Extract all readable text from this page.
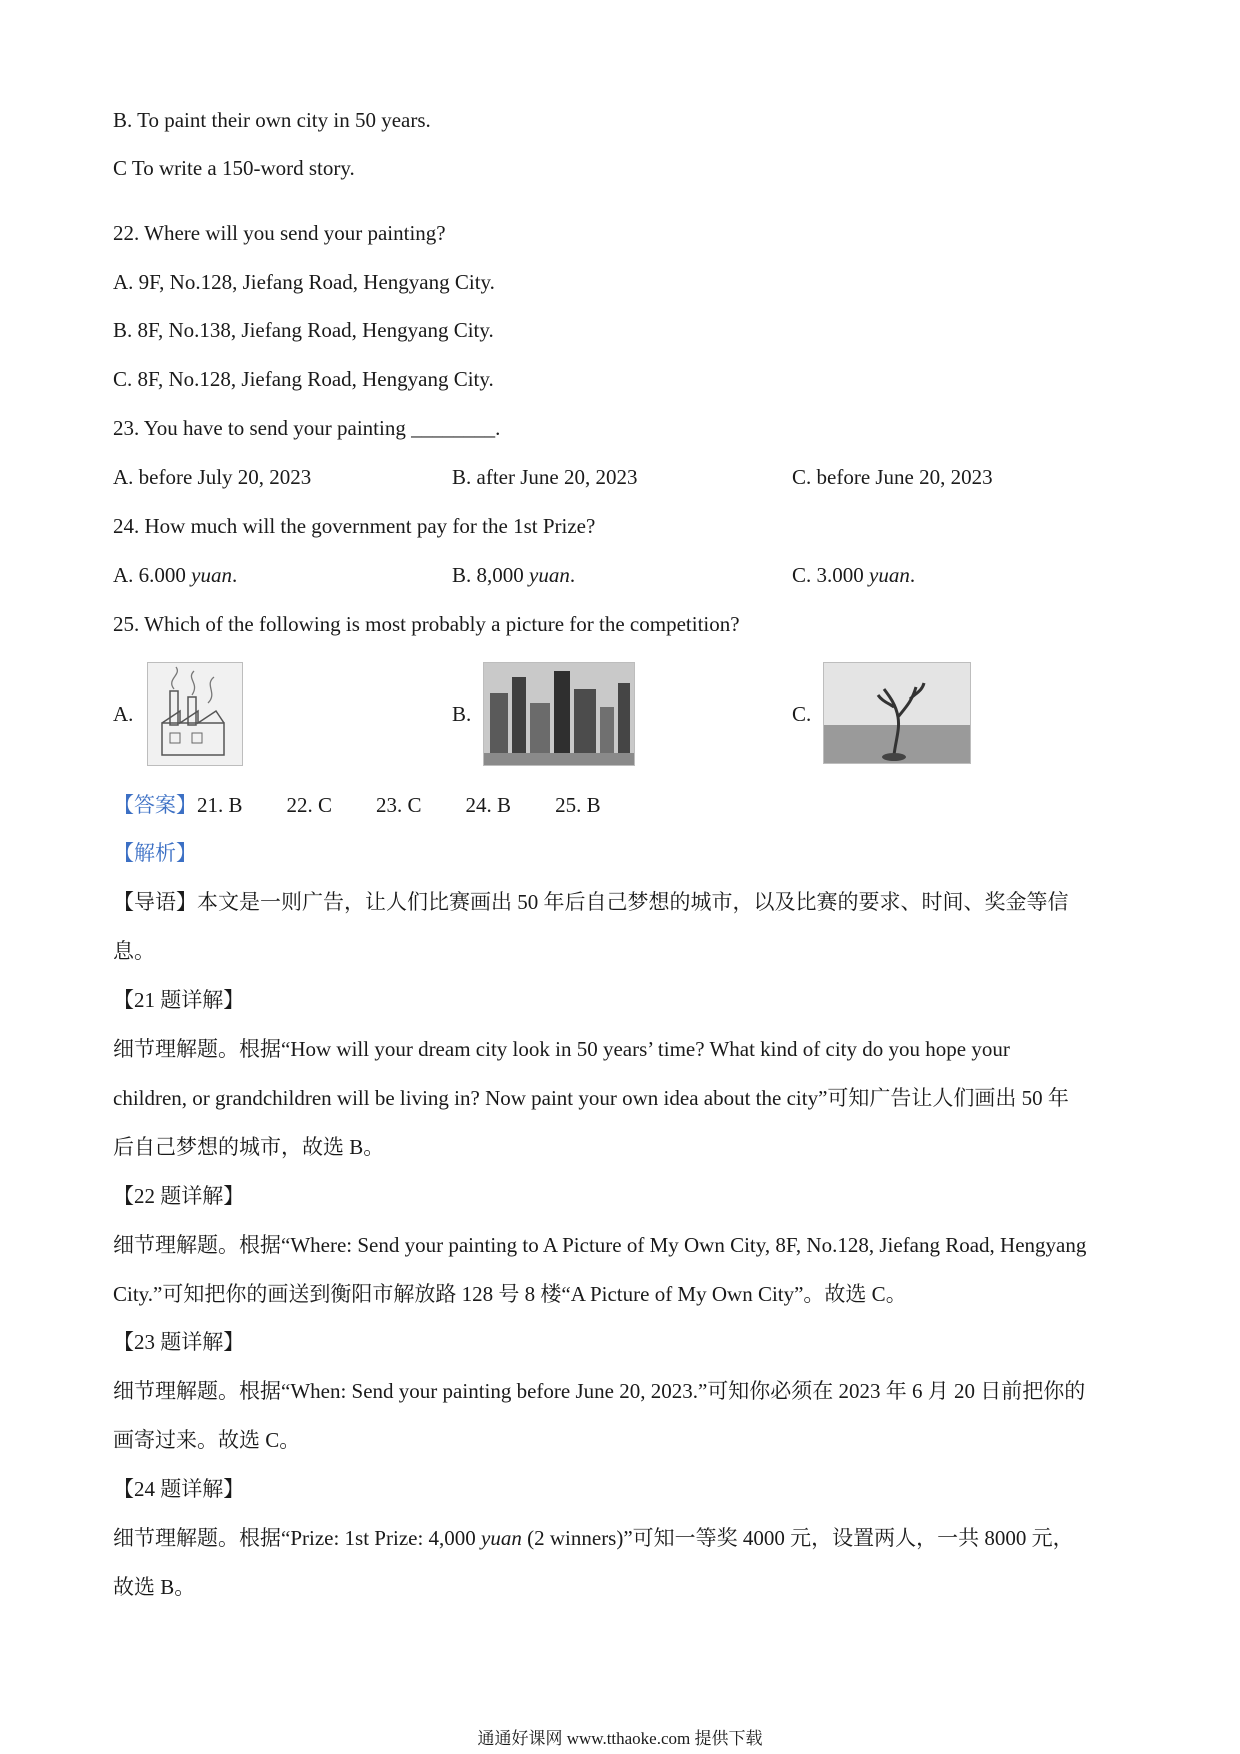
B. To paint their own city in 50 years.
C To write a 150-word story.
22. Where will you send your painting?
A. 9F, No.128, Jiefang Road, Hengyang City.
B. 8F, No.138, Jiefang Road, Hengyang City.
C. 8F, No.128, Jiefang Road, Hengyang City.
23. You have to send your painting ________.
A. before July 20, 2023	B. after June 20, 2023	C. before June 20, 2023
24. How much will the government pay for the 1st Prize?
A. 6.000 yuan.	B. 8,000 yuan.	C. 3.000 yuan.
25. Which of the following is most probably a picture for the competition?
A.	B.	C.
【答案】21. B 22. C 23. C 24. B 25. B
【解析】
【导语】本文是一则广告，让人们比赛画出 50 年后自己梦想的城市，以及比赛的要求、时间、奖金等信
息。
【21 题详解】
细节理解题。根据“How will your dream city look in 50 years’ time? What kind of city do you hope your
children, or grandchildren will be living in? Now paint your own idea about the city”可知广告让人们画出 50 年
后自己梦想的城市，故选 B。
【22 题详解】
细节理解题。根据“Where: Send your painting to A Picture of My Own City, 8F, No.128, Jiefang Road, Hengyang
City.”可知把你的画送到衡阳市解放路 128 号 8 楼“A Picture of My Own City”。故选 C。
【23 题详解】
细节理解题。根据“When: Send your painting before June 20, 2023.”可知你必须在 2023 年 6 月 20 日前把你的
画寄过来。故选 C。
【24 题详解】
细节理解题。根据“Prize: 1st Prize: 4,000 yuan (2 winners)”可知一等奖 4000 元，设置两人，一共 8000 元，
故选 B。
通通好课网 www.tthaoke.com 提供下载
